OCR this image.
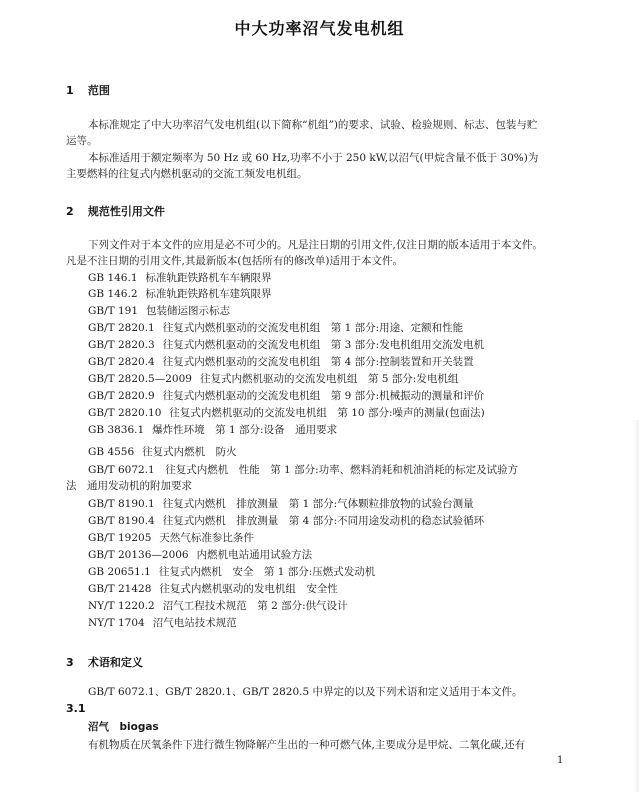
中大功率沼气发电机组
1 范围
本标准规定了中大功率沼气发电机组(以下简称“机组”)的要求、试验、检验规则、标志、包装与贮
运等。
本标准适用于额定频率为 50 Hz 或 60 Hz,功率不小于 250 kW,以沼气(甲烷含量不低于 30%)为
主要燃料的往复式内燃机驱动的交流工频发电机组。
2 规范性引用文件
下列文件对于本文件的应用是必不可少的。凡是注日期的引用文件,仅注日期的版本适用于本文件。
凡是不注日期的引用文件,其最新版本(包括所有的修改单)适用于本文件。
GB 146.1 标准轨距铁路机车车辆限界
GB 146.2 标准轨距铁路机车建筑限界
GB/T 191 包装储运图示标志
GB/T 2820.1 往复式内燃机驱动的交流发电机组　第 1 部分:用途、定额和性能
GB/T 2820.3 往复式内燃机驱动的交流发电机组　第 3 部分:发电机组用交流发电机
GB/T 2820.4 往复式内燃机驱动的交流发电机组　第 4 部分:控制装置和开关装置
GB/T 2820.5—2009 往复式内燃机驱动的交流发电机组　第 5 部分:发电机组
GB/T 2820.9 往复式内燃机驱动的交流发电机组　第 9 部分:机械振动的测量和评价
GB/T 2820.10 往复式内燃机驱动的交流发电机组　第 10 部分:噪声的测量(包面法)
GB 3836.1 爆炸性环境　第 1 部分:设备　通用要求
GB 4556 往复式内燃机　防火
GB/T 6072.1　往复式内燃机　性能　第 1 部分:功率、燃料消耗和机油消耗的标定及试验方
法　通用发动机的附加要求
GB/T 8190.1 往复式内燃机　排放测量　第 1 部分:气体颗粒排放物的试验台测量
GB/T 8190.4 往复式内燃机　排放测量　第 4 部分:不同用途发动机的稳态试验循环
GB/T 19205 天然气标准参比条件
GB/T 20136—2006 内燃机电站通用试验方法
GB 20651.1 往复式内燃机　安全　第 1 部分:压燃式发动机
GB/T 21428 往复式内燃机驱动的发电机组　安全性
NY/T 1220.2 沼气工程技术规范　第 2 部分:供气设计
NY/T 1704 沼气电站技术规范
3 术语和定义
GB/T 6072.1、GB/T 2820.1、GB/T 2820.5 中界定的以及下列术语和定义适用于本文件。
3.1
沼气　biogas
有机物质在厌氧条件下进行微生物降解产生出的一种可燃气体,主要成分是甲烷、二氧化碳,还有
1
